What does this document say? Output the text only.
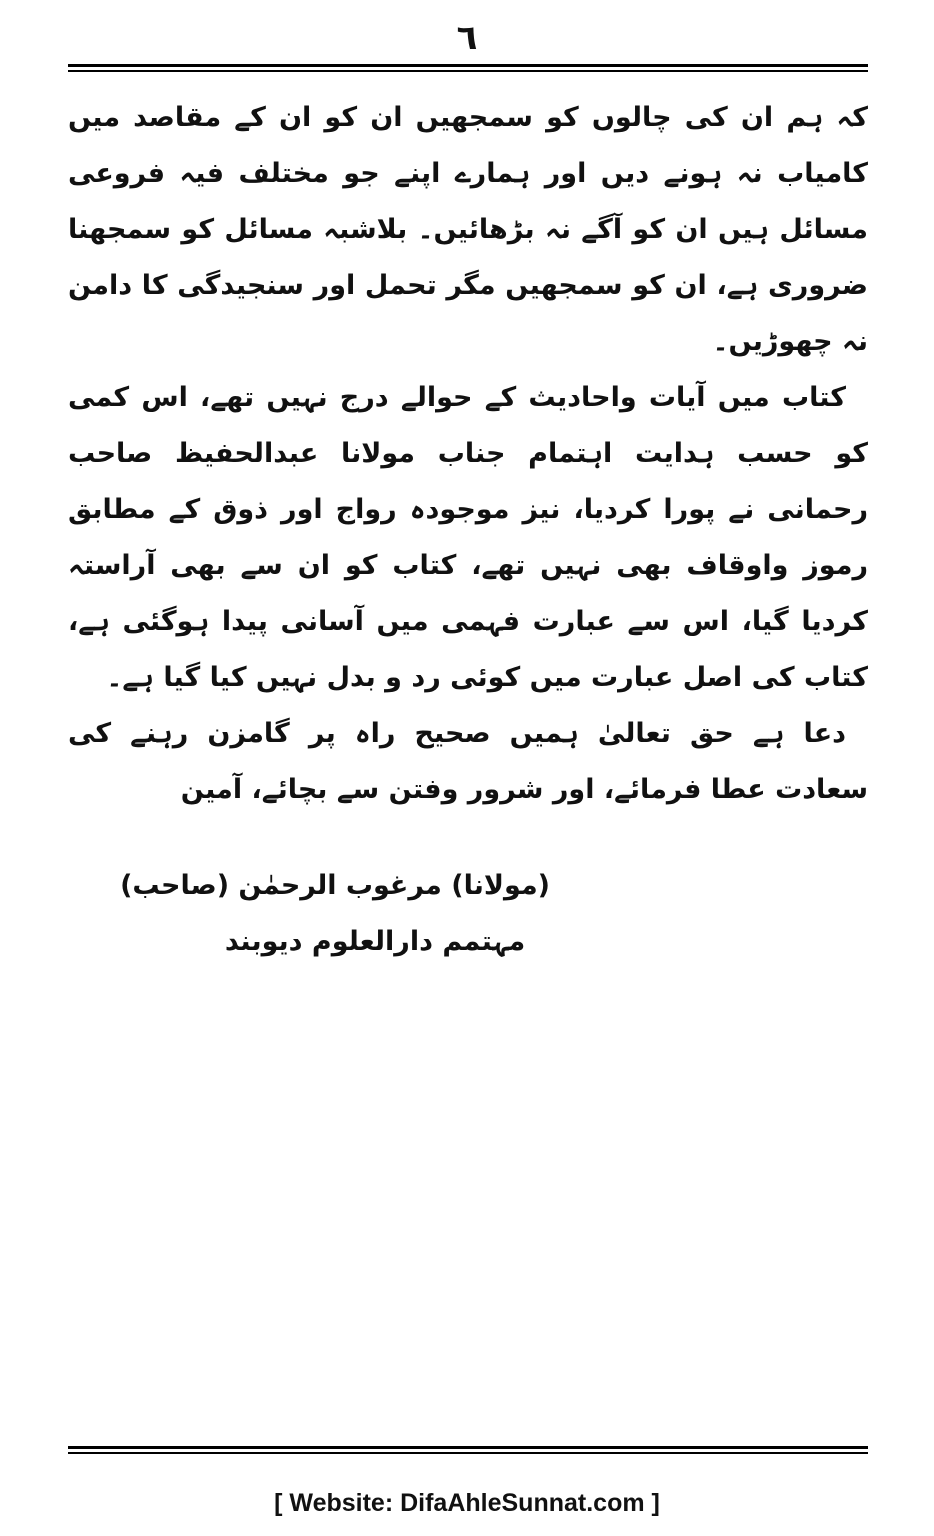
٦

کہ ہم ان کی چالوں کو سمجھیں ان کو ان کے مقاصد میں کامیاب نہ ہونے دیں اور ہمارے اپنے جو مختلف فیہ فروعی مسائل ہیں ان کو آگے نہ بڑھائیں۔ بلاشبہ مسائل کو سمجھنا ضروری ہے، ان کو سمجھیں مگر تحمل اور سنجیدگی کا دامن نہ چھوڑیں۔

کتاب میں آیات واحادیث کے حوالے درج نہیں تھے، اس کمی کو حسب ہدایت اہتمام جناب مولانا عبدالحفیظ صاحب رحمانی نے پورا کردیا، نیز موجودہ رواج اور ذوق کے مطابق رموز واوقاف بھی نہیں تھے، کتاب کو ان سے بھی آراستہ کردیا گیا، اس سے عبارت فہمی میں آسانی پیدا ہوگئی ہے، کتاب کی اصل عبارت میں کوئی رد و بدل نہیں کیا گیا ہے۔

دعا ہے حق تعالیٰ ہمیں صحیح راہ پر گامزن رہنے کی سعادت عطا فرمائے، اور شرور وفتن سے بچائے، آمین

(مولانا) مرغوب الرحمٰن (صاحب)
مہتمم دارالعلوم دیوبند
[ Website: DifaAhleSunnat.com ]
